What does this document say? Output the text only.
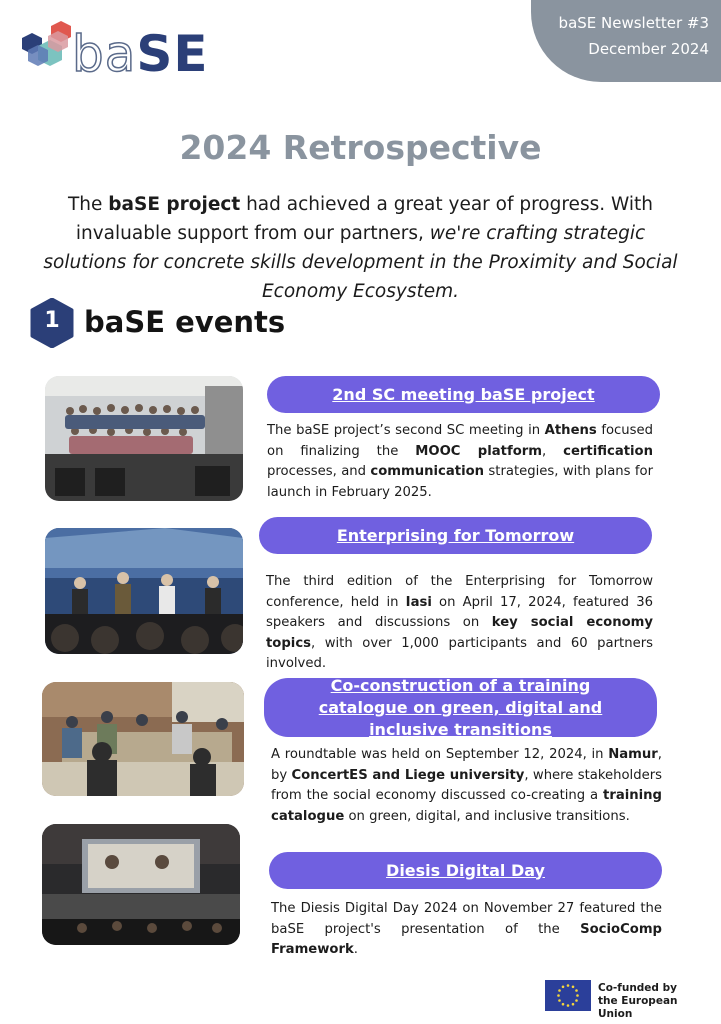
baSE
baSE Newsletter #3
December 2024
2024 Retrospective
The baSE project had achieved a great year of progress. With invaluable support from our partners, we're crafting strategic solutions for concrete skills development in the Proximity and Social Economy Ecosystem.
1 baSE events
2nd SC meeting baSE project
The baSE project’s second SC meeting in Athens focused on finalizing the MOOC platform, certification processes, and communication strategies, with plans for launch in February 2025.
Enterprising for Tomorrow
The third edition of the Enterprising for Tomorrow conference, held in Iasi on April 17, 2024, featured 36 speakers and discussions on key social economy topics, with over 1,000 participants and 60 partners involved.
Co-construction of a training catalogue on green, digital and inclusive transitions
A roundtable was held on September 12, 2024, in Namur, by ConcertES and Liege university, where stakeholders from the social economy discussed co-creating a training catalogue on green, digital, and inclusive transitions.
Diesis Digital Day
The Diesis Digital Day 2024 on November 27 featured the baSE project's presentation of the SocioComp Framework.
Co-funded by
the European Union
